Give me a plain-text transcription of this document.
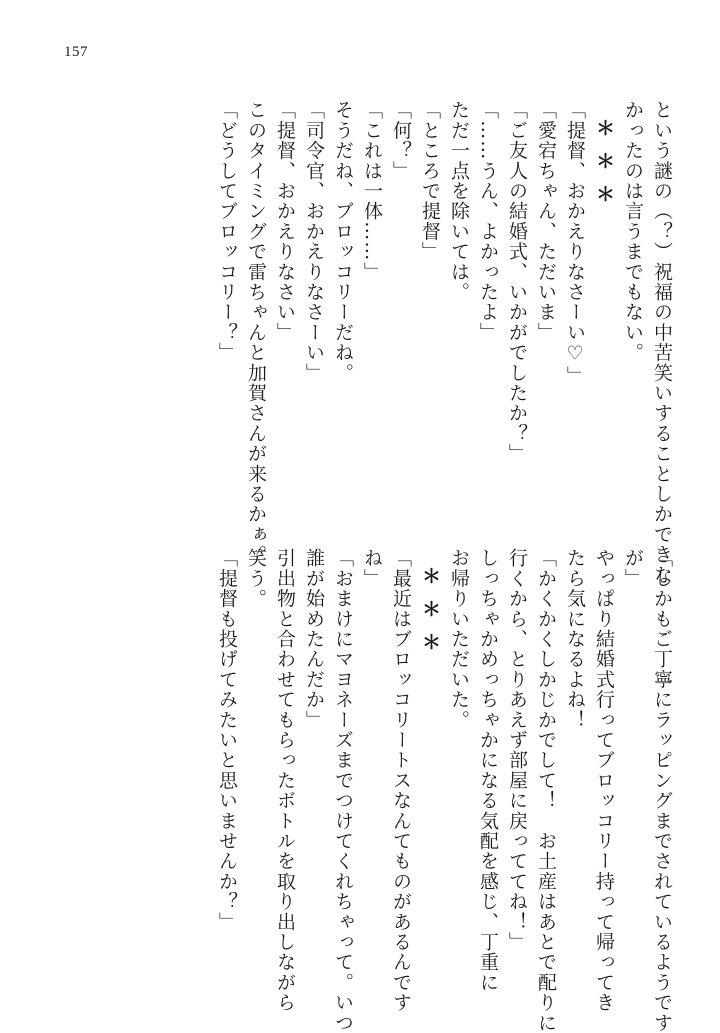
157
という謎の（？）祝福の中苦笑いすることしかできな
かったのは言うまでもない。
＊＊＊
「提督、おかえりなさーい♡」
「愛宕ちゃん、ただいま」
「ご友人の結婚式、いかがでしたか？」
「……うん、よかったよ」
ただ一点を除いては。
「ところで提督」
「何？」
「これは一体……」
そうだね、ブロッコリーだね。
「司令官、おかえりなさーい」
「提督、おかえりなさい」
このタイミングで雷ちゃんと加賀さんが来るかぁ。
「どうしてブロッコリー？」
「しかもご丁寧にラッピングまでされているようです
が」
やっぱり結婚式行ってブロッコリー持って帰ってき
たら気になるよね！
「かくかくしかじかでして！　お土産はあとで配りに
行くから、とりあえず部屋に戻っててね！」
しっちゃかめっちゃかになる気配を感じ、丁重に
お帰りいただいた。
＊＊＊
「最近はブロッコリートスなんてものがあるんです
ね」
「おまけにマヨネーズまでつけてくれちゃって。いつ
誰が始めたんだか」
引出物と合わせてもらったボトルを取り出しながら
笑う。
「提督も投げてみたいと思いませんか？」
